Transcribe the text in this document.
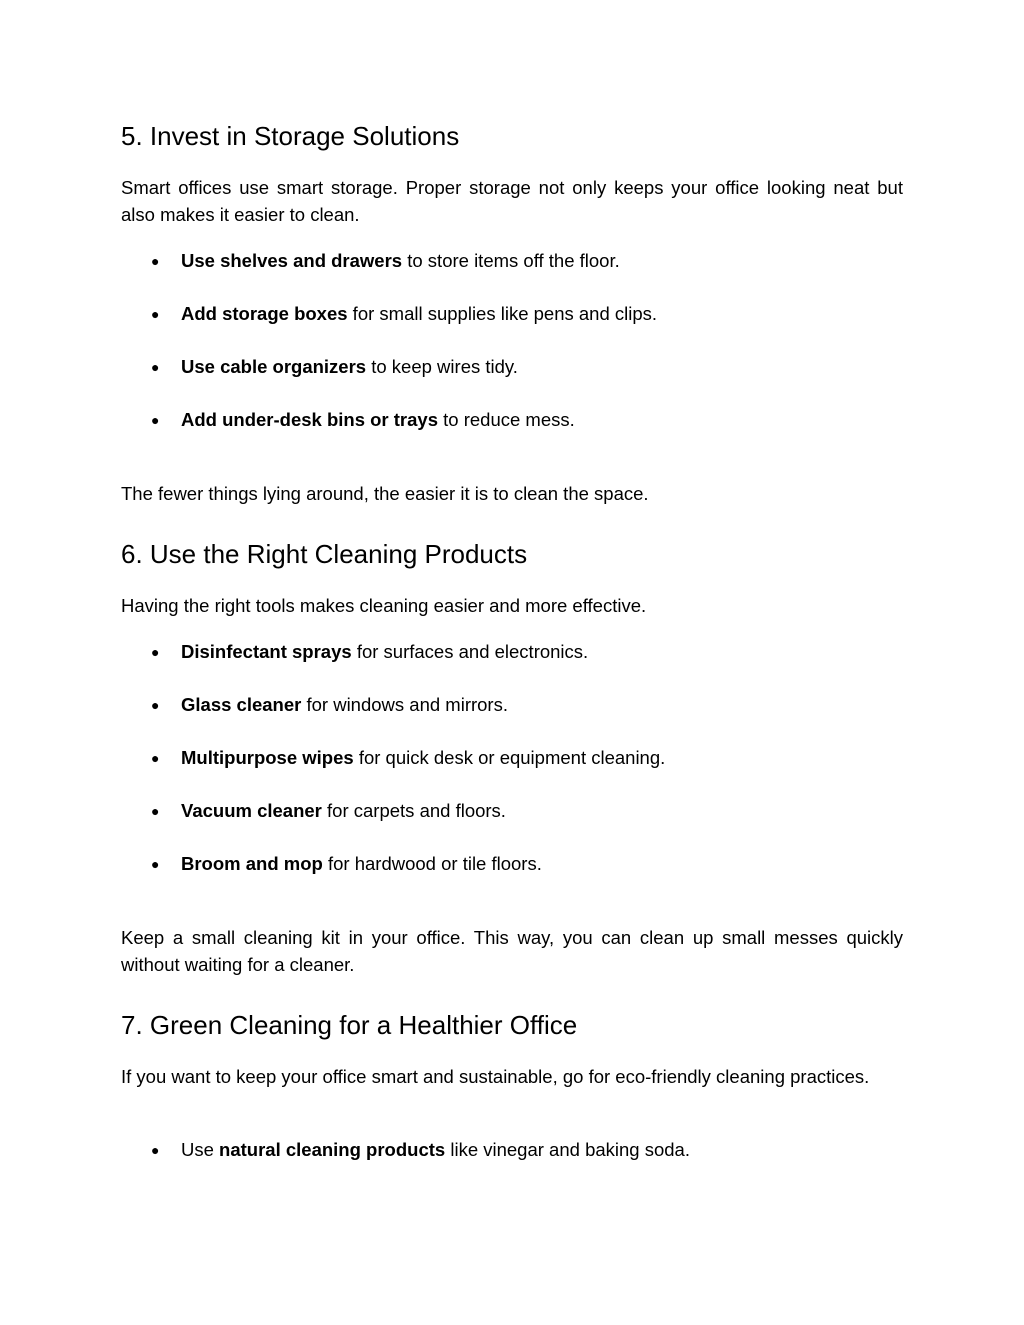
5. Invest in Storage Solutions

Smart offices use smart storage. Proper storage not only keeps your office looking neat but also makes it easier to clean.

● Use shelves and drawers to store items off the floor.
● Add storage boxes for small supplies like pens and clips.
● Use cable organizers to keep wires tidy.
● Add under-desk bins or trays to reduce mess.

The fewer things lying around, the easier it is to clean the space.

6. Use the Right Cleaning Products

Having the right tools makes cleaning easier and more effective.

● Disinfectant sprays for surfaces and electronics.
● Glass cleaner for windows and mirrors.
● Multipurpose wipes for quick desk or equipment cleaning.
● Vacuum cleaner for carpets and floors.
● Broom and mop for hardwood or tile floors.

Keep a small cleaning kit in your office. This way, you can clean up small messes quickly without waiting for a cleaner.

7. Green Cleaning for a Healthier Office

If you want to keep your office smart and sustainable, go for eco-friendly cleaning practices.

● Use natural cleaning products like vinegar and baking soda.
